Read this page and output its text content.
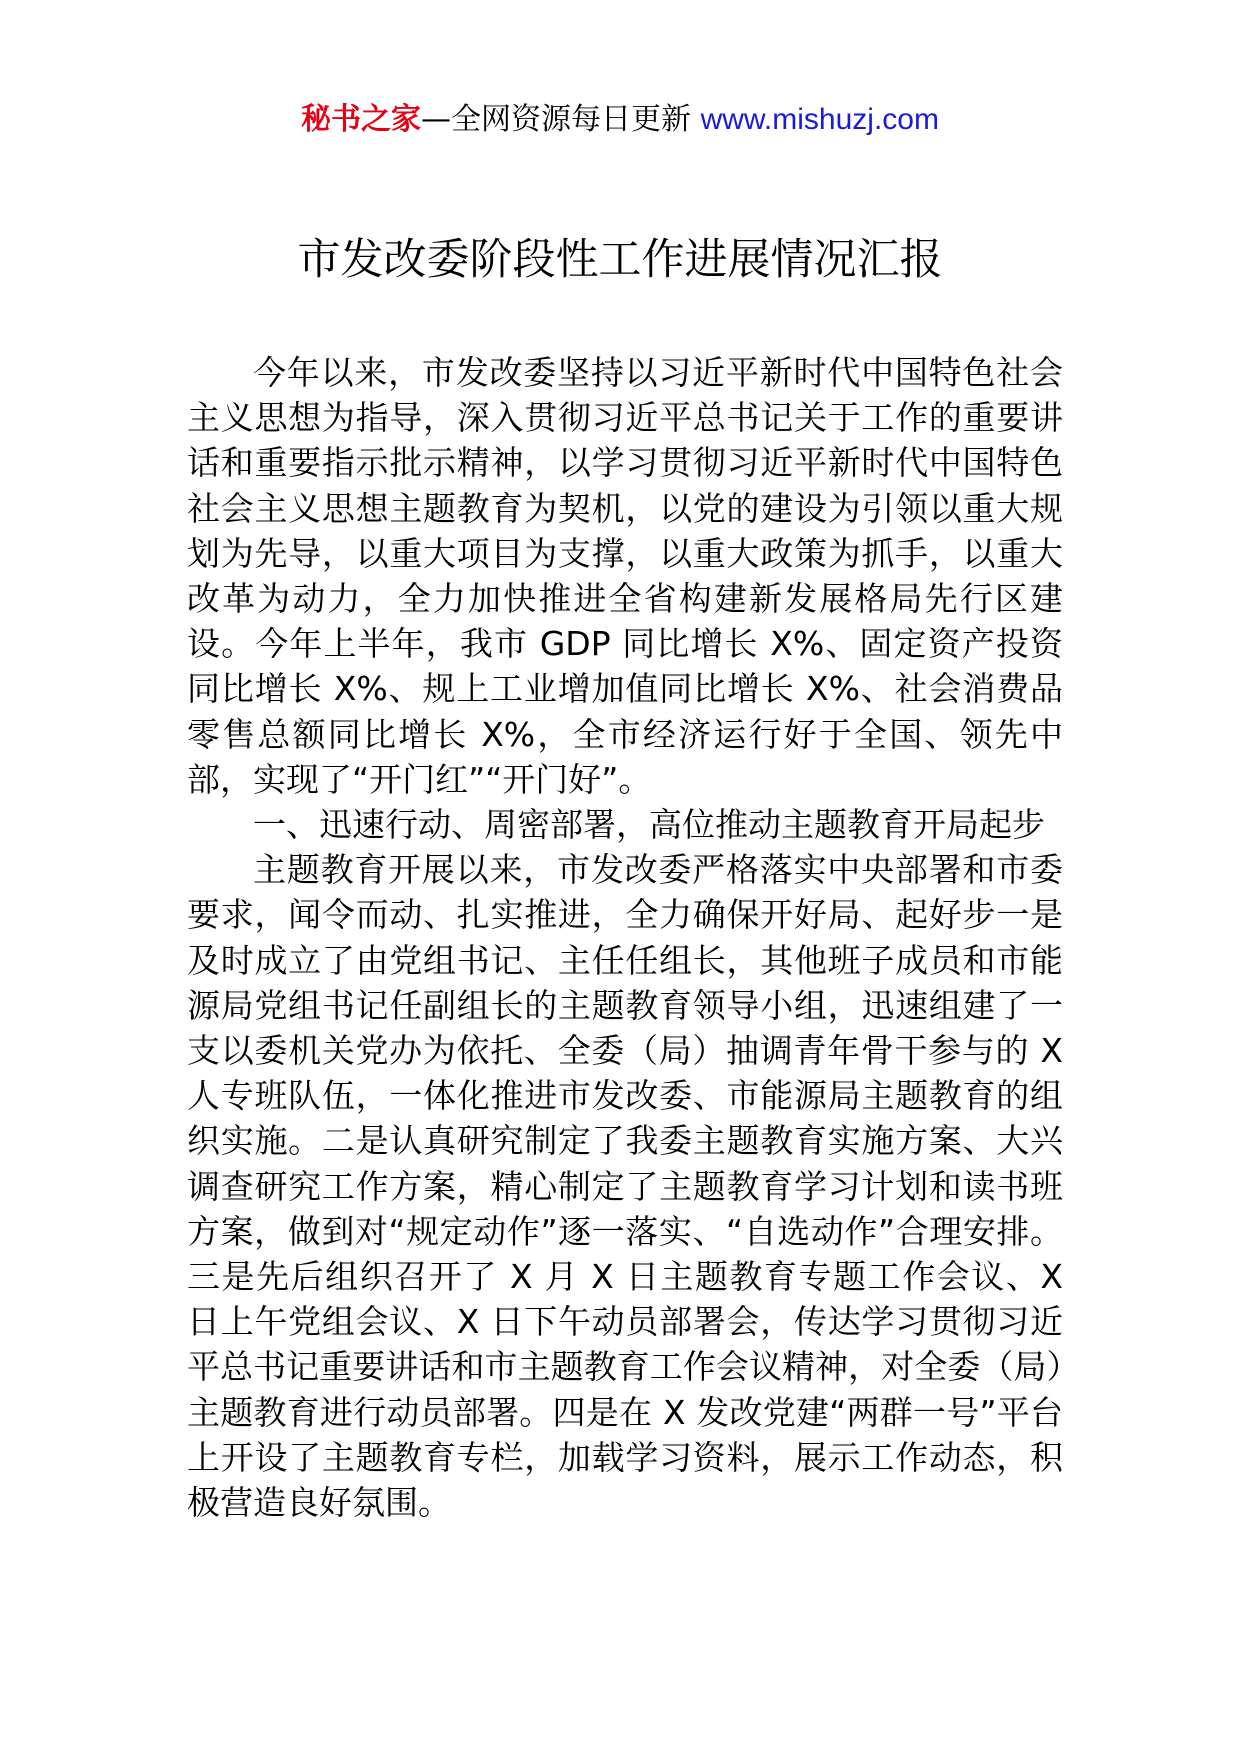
秘书之家—全网资源每日更新 www.mishuzj.com
市发改委阶段性工作进展情况汇报

今年以来，市发改委坚持以习近平新时代中国特色社会主义思想为指导，深入贯彻习近平总书记关于工作的重要讲话和重要指示批示精神，以学习贯彻习近平新时代中国特色社会主义思想主题教育为契机，以党的建设为引领以重大规划为先导，以重大项目为支撑，以重大政策为抓手，以重大改革为动力，全力加快推进全省构建新发展格局先行区建设。今年上半年，我市 GDP 同比增长 X%、固定资产投资同比增长 X%、规上工业增加值同比增长 X%、社会消费品零售总额同比增长 X%，全市经济运行好于全国、领先中部，实现了“开门红”“开门好”。

一、迅速行动、周密部署，高位推动主题教育开局起步

主题教育开展以来，市发改委严格落实中央部署和市委要求，闻令而动、扎实推进，全力确保开好局、起好步一是及时成立了由党组书记、主任任组长，其他班子成员和市能源局党组书记任副组长的主题教育领导小组，迅速组建了一支以委机关党办为依托、全委（局）抽调青年骨干参与的 X 人专班队伍，一体化推进市发改委、市能源局主题教育的组织实施。二是认真研究制定了我委主题教育实施方案、大兴调查研究工作方案，精心制定了主题教育学习计划和读书班方案，做到对“规定动作”逐一落实、“自选动作”合理安排。三是先后组织召开了 X 月 X 日主题教育专题工作会议、X 日上午党组会议、X 日下午动员部署会，传达学习贯彻习近平总书记重要讲话和市主题教育工作会议精神，对全委（局）主题教育进行动员部署。四是在 X 发改党建“两群一号”平台上开设了主题教育专栏，加载学习资料，展示工作动态，积极营造良好氛围。
